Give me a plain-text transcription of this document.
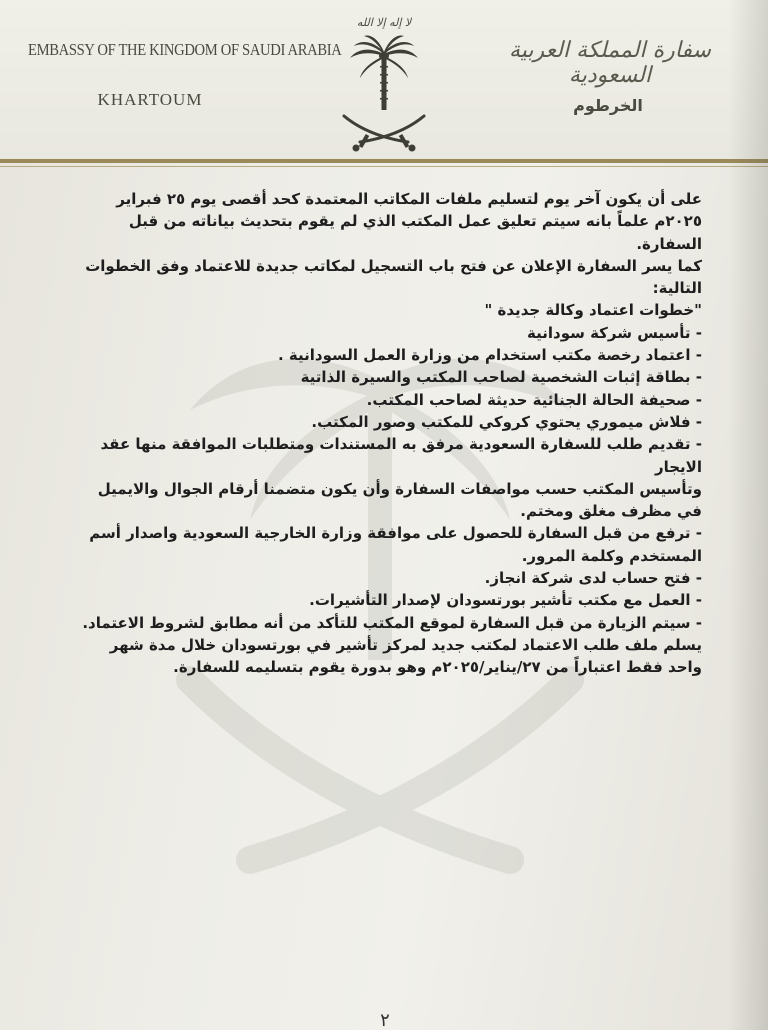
EMBASSY OF THE KINGDOM OF SAUDI ARABIA
KHARTOUM
سفارة المملكة العربية السعودية
الخرطوم
لا إله إلا الله

على أن يكون آخر يوم لتسليم ملفات المكاتب المعتمدة كحد أقصى يوم ٢٥ فبراير

٢٠٢٥م علماً بانه سيتم تعليق عمل المكتب الذي لم يقوم بتحديث بياناته من قبل السفارة.

كما يسر السفارة الإعلان عن فتح باب التسجيل لمكاتب جديدة للاعتماد وفق الخطوات

التالية:

"خطوات اعتماد وكالة جديدة "

- تأسيس شركة سودانية

- اعتماد رخصة مكتب استخدام من وزارة العمل السودانية .

- بطاقة إثبات الشخصية لصاحب المكتب والسيرة الذاتية

- صحيفة الحالة الجنائية حديثة لصاحب المكتب.

- فلاش ميموري يحتوي كروكي للمكتب وصور المكتب.

- تقديم طلب للسفارة السعودية مرفق به المستندات ومتطلبات الموافقة منها عقد الايجار

وتأسيس المكتب حسب مواصفات السفارة وأن يكون متضمنا أرقام الجوال والايميل

في مظرف مغلق ومختم.

- ترفع من قبل السفارة للحصول على موافقة وزارة الخارجية السعودية واصدار أسم

المستخدم وكلمة المرور.

- فتح حساب لدى شركة انجاز.

- العمل مع مكتب تأشير بورتسودان لإصدار التأشيرات.

- سيتم الزيارة من قبل السفارة لموقع المكتب للتأكد من أنه مطابق لشروط الاعتماد.

يسلم ملف طلب الاعتماد لمكتب جديد لمركز تأشير في بورتسودان خلال مدة شهر

واحد فقط اعتباراً من ٢٧/يناير/٢٠٢٥م وهو بدورة يقوم بتسليمه للسفارة.

٢
